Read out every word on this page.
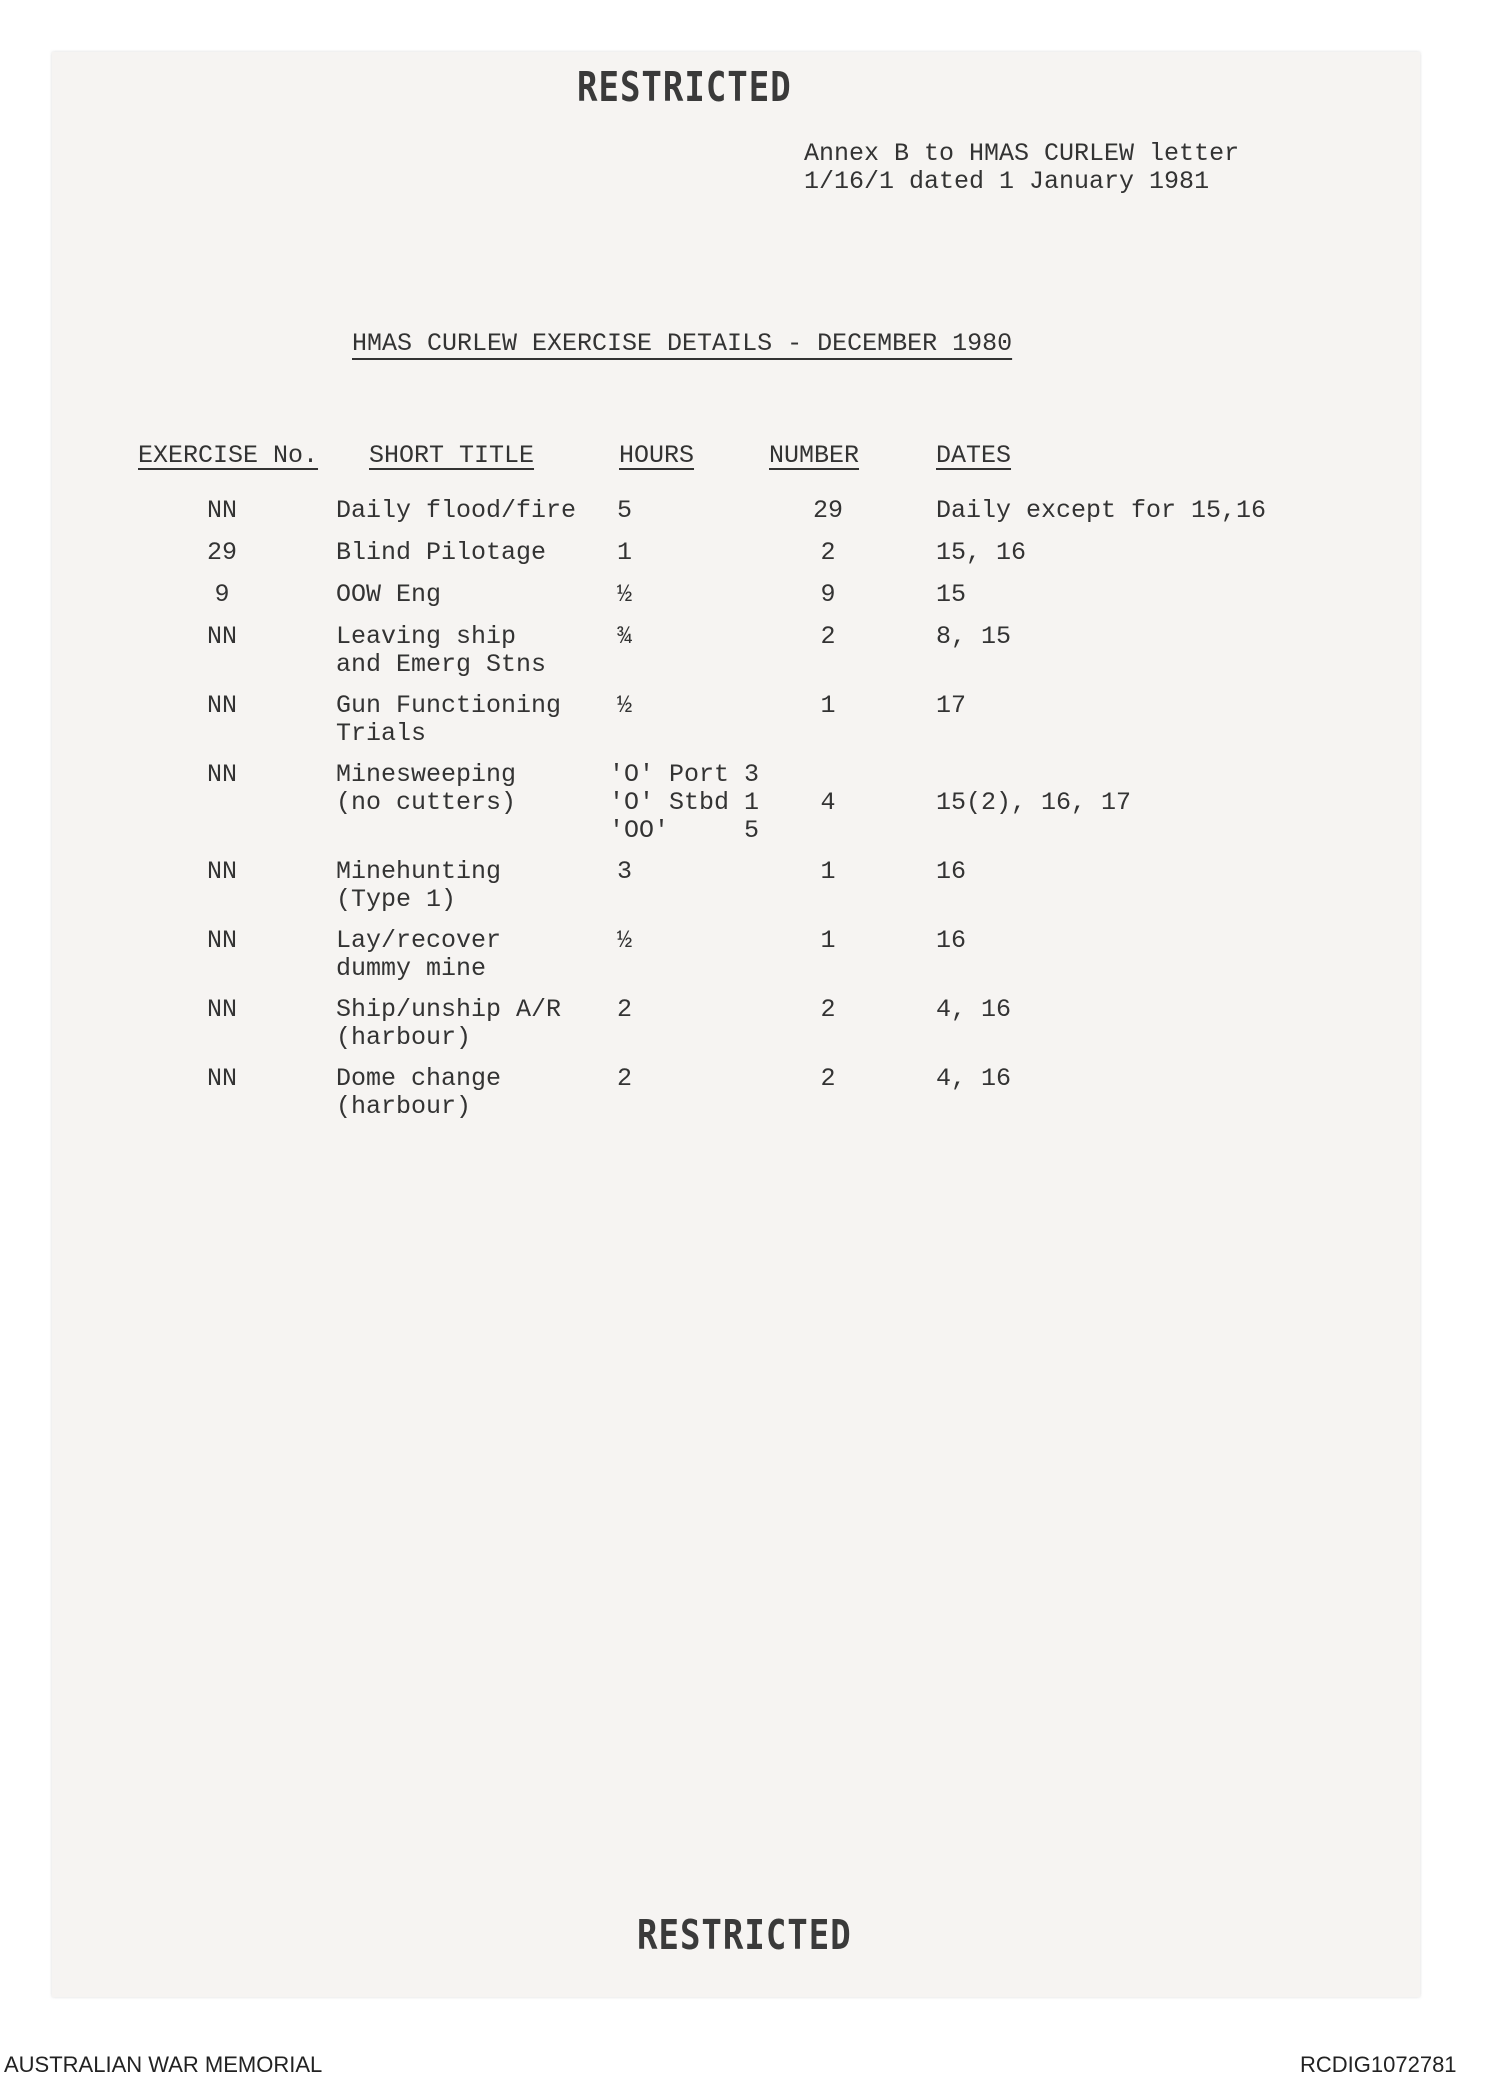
RESTRICTED
Annex B to HMAS CURLEW letter
1/16/1 dated 1 January 1981
HMAS CURLEW EXERCISE DETAILS - DECEMBER 1980
EXERCISE No. SHORT TITLE	HOURS	NUMBER	DATES
NN	Daily flood/fire 5	29	Daily except for 15,16
29	Blind Pilotage	1	2	15, 16
9	OOW Eng	½	9	15
NN	Leaving ship
and Emerg Stns
¾	2	8, 15
NN	Gun Functioning
Trials
½	1	17
NN	Minesweeping
(no cutters)
'O' Port 3
'O' Stbd 1
'OO'     5
4	15(2), 16, 17
NN	Minehunting
(Type 1)
3	1	16
NN	Lay/recover
dummy mine
½	1	16
NN	Ship/unship A/R
(harbour)
2	2	4, 16
NN	Dome change
(harbour)
2	2	4, 16
RESTRICTED
AUSTRALIAN WAR MEMORIAL	RCDIG1072781
